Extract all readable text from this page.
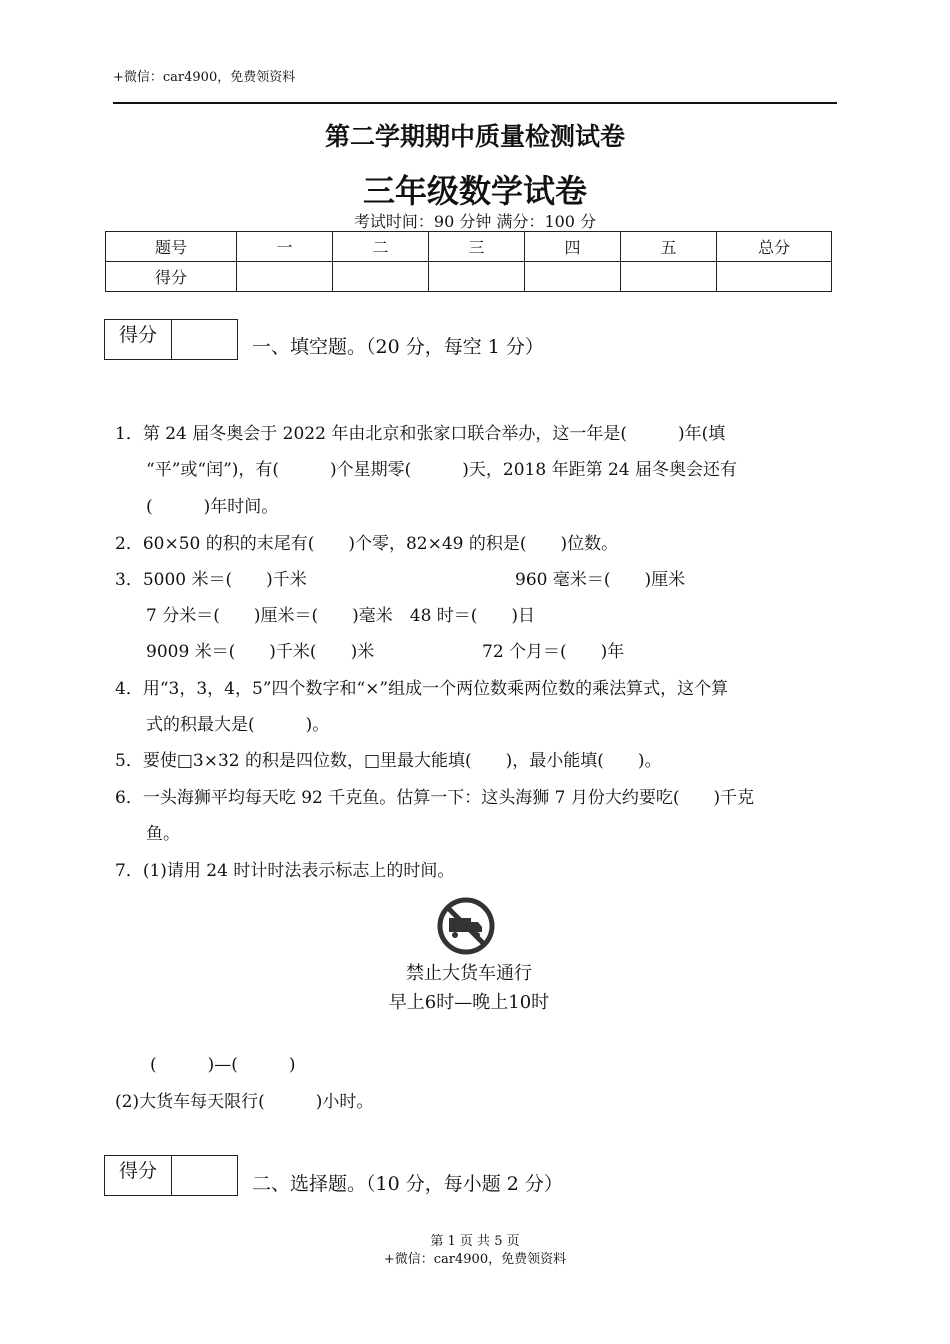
+微信：car4900，免费领资料
第二学期期中质量检测试卷
三年级数学试卷
考试时间：90 分钟 满分：100 分
题号	一	二	三	四	五	总分
得分						
得分
一、填空题。（20 分，每空 1 分）
1．第 24 届冬奥会于 2022 年由北京和张家口联合举办，这一年是(　　　)年(填
“平”或“闰”)，有(　　　)个星期零(　　　)天，2018 年距第 24 届冬奥会还有
(　　　)年时间。
2．60×50 的积的末尾有(　　)个零，82×49 的积是(　　)位数。
3．5000 米＝(　　)千米	960 毫米＝(　　)厘米
7 分米＝(　　)厘米＝(　　)毫米　48 时＝(　　)日
9009 米＝(　　)千米(　　)米	72 个月＝(　　)年
4．用“3，3，4，5”四个数字和“×”组成一个两位数乘两位数的乘法算式，这个算
式的积最大是(　　　)。
5．要使□3×32 的积是四位数，□里最大能填(　　)，最小能填(　　)。
6．一头海狮平均每天吃 92 千克鱼。估算一下：这头海狮 7 月份大约要吃(　　)千克
鱼。
7．(1)请用 24 时计时法表示标志上的时间。
禁止大货车通行
早上6时—晚上10时
(　　　)—(　　　)
(2)大货车每天限行(　　　)小时。
得分
二、选择题。（10 分，每小题 2 分）
第 1 页 共 5 页
+微信：car4900，免费领资料
